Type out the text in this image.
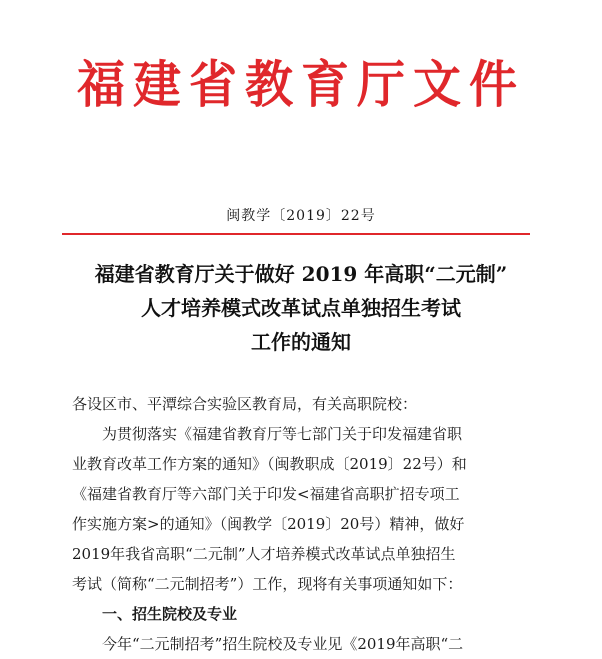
福建省教育厅文件
闽教学〔2019〕22号
福建省教育厅关于做好 2019 年高职“二元制”
人才培养模式改革试点单独招生考试
工作的通知
各设区市、平潭综合实验区教育局，有关高职院校：
为贯彻落实《福建省教育厅等七部门关于印发福建省职
业教育改革工作方案的通知》（闽教职成〔2019〕22号）和
《福建省教育厅等六部门关于印发<福建省高职扩招专项工
作实施方案>的通知》（闽教学〔2019〕20号）精神，做好
2019年我省高职“二元制”人才培养模式改革试点单独招生
考试（简称“二元制招考”）工作，现将有关事项通知如下：
一、招生院校及专业
今年“二元制招考”招生院校及专业见《2019年高职“二
